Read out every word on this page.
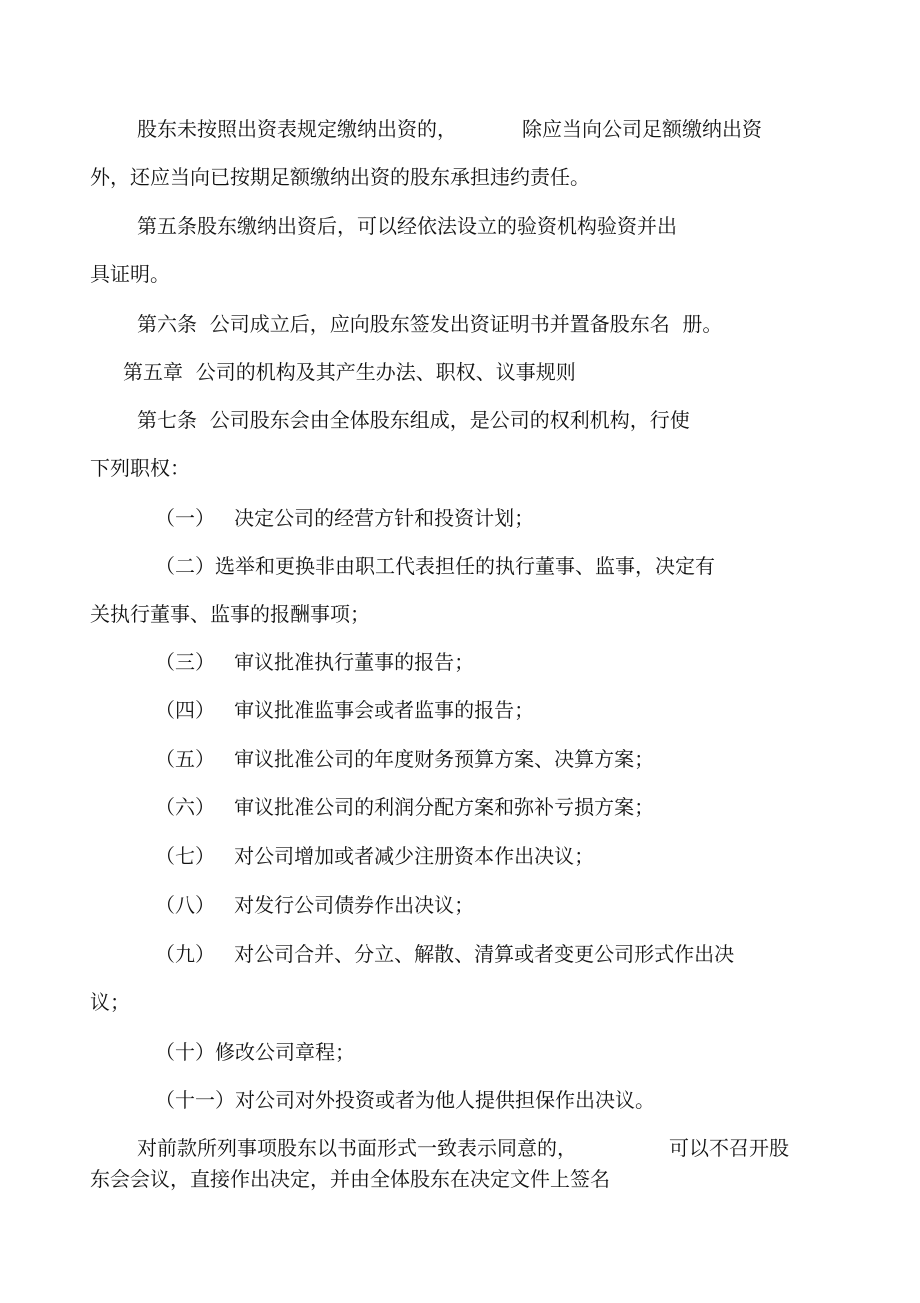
股东未按照出资表规定缴纳出资的，	除应当向公司足额缴纳出资
外，还应当向已按期足额缴纳出资的股东承担违约责任。
第五条股东缴纳出资后，可以经依法设立的验资机构验资并出
具证明。
第六条  公司成立后，应向股东签发出资证明书并置备股东名  册。
第五章  公司的机构及其产生办法、职权、议事规则
第七条  公司股东会由全体股东组成，是公司的权利机构，行使
下列职权：
（一）   决定公司的经营方针和投资计划；
（二）选举和更换非由职工代表担任的执行董事、监事，决定有
关执行董事、监事的报酬事项；
（三）   审议批准执行董事的报告；
（四）   审议批准监事会或者监事的报告；
（五）   审议批准公司的年度财务预算方案、决算方案；
（六）   审议批准公司的利润分配方案和弥补亏损方案；
（七）   对公司增加或者减少注册资本作出决议；
（八）   对发行公司债券作出决议；
（九）   对公司合并、分立、解散、清算或者变更公司形式作出决
议；
（十）修改公司章程；
（十一）对公司对外投资或者为他人提供担保作出决议。
对前款所列事项股东以书面形式一致表示同意的，	可以不召开股
东会会议，直接作出决定，并由全体股东在决定文件上签名
